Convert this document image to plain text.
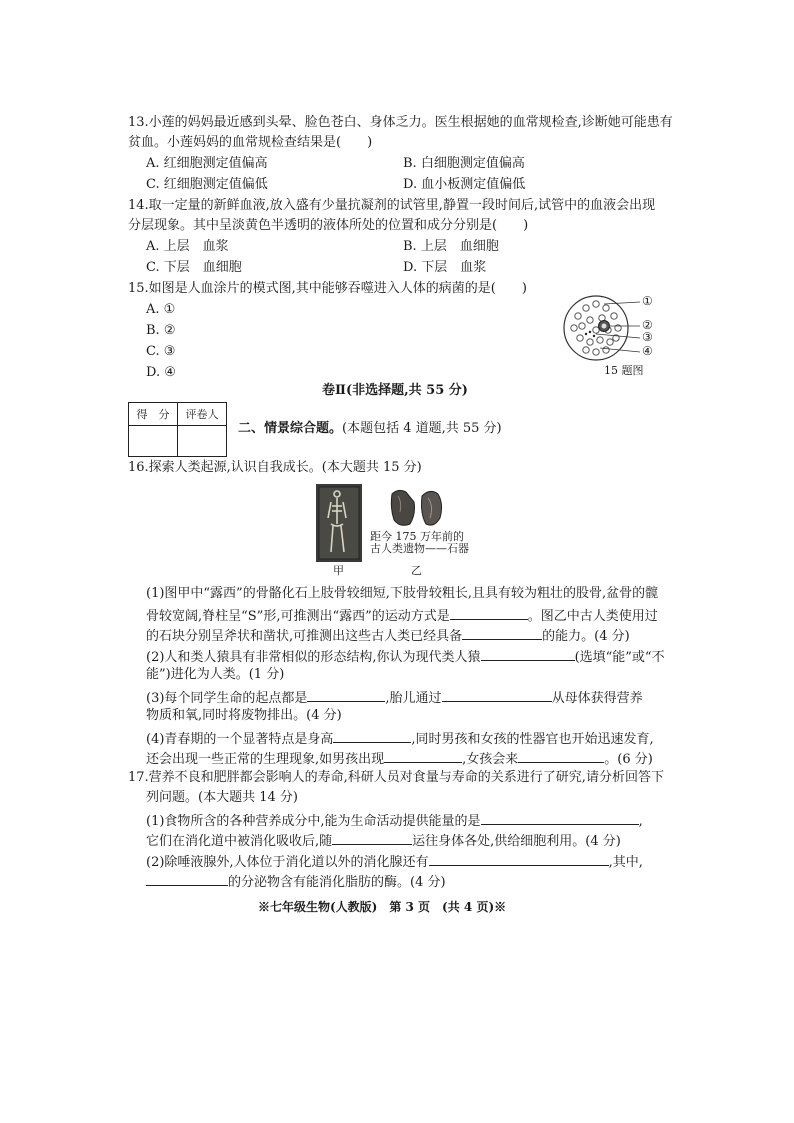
13.小莲的妈妈最近感到头晕、脸色苍白、身体乏力。医生根据她的血常规检查,诊断她可能患有
贫血。小莲妈妈的血常规检查结果是(　　)
A. 红细胞测定值偏高	B. 白细胞测定值偏高
C. 红细胞测定值偏低	D. 血小板测定值偏低
14.取一定量的新鲜血液,放入盛有少量抗凝剂的试管里,静置一段时间后,试管中的血液会出现
分层现象。其中呈淡黄色半透明的液体所处的位置和成分分别是(　　)
A. 上层　血浆	B. 上层　血细胞
C. 下层　血细胞	D. 下层　血浆
15.如图是人血涂片的模式图,其中能够吞噬进入人体的病菌的是(　　)
A. ①
B. ②
C. ③
D. ④
①
②
③
④
15 题图
卷Ⅱ(非选择题,共 55 分)
得　分	评卷人

二、情景综合题。(本题包括 4 道题,共 55 分)
16.探索人类起源,认识自我成长。(本大题共 15 分)
距今 175 万年前的
古人类遗物——石器
甲	乙
(1)图甲中“露西”的骨骼化石上肢骨较细短,下肢骨较粗长,且具有较为粗壮的股骨,盆骨的髋
骨较宽阔,脊柱呈“S”形,可推测出“露西”的运动方式是	。图乙中古人类使用过
的石块分别呈斧状和凿状,可推测出这些古人类已经具备	的能力。(4 分)
(2)人和类人猿具有非常相似的形态结构,你认为现代类人猿	(选填“能”或“不
能”)进化为人类。(1 分)
(3)每个同学生命的起点都是	,胎儿通过	从母体获得营养
物质和氧,同时将废物排出。(4 分)
(4)青春期的一个显著特点是身高	,同时男孩和女孩的性器官也开始迅速发育,
还会出现一些正常的生理现象,如男孩出现	,女孩会来	。(6 分)
17.营养不良和肥胖都会影响人的寿命,科研人员对食量与寿命的关系进行了研究,请分析回答下
列问题。(本大题共 14 分)
(1)食物所含的各种营养成分中,能为生命活动提供能量的是	,
它们在消化道中被消化吸收后,随	运往身体各处,供给细胞利用。(4 分)
(2)除唾液腺外,人体位于消化道以外的消化腺还有	,其中,
的分泌物含有能消化脂肪的酶。(4 分)
※七年级生物(人教版)　第 3 页　(共 4 页)※
